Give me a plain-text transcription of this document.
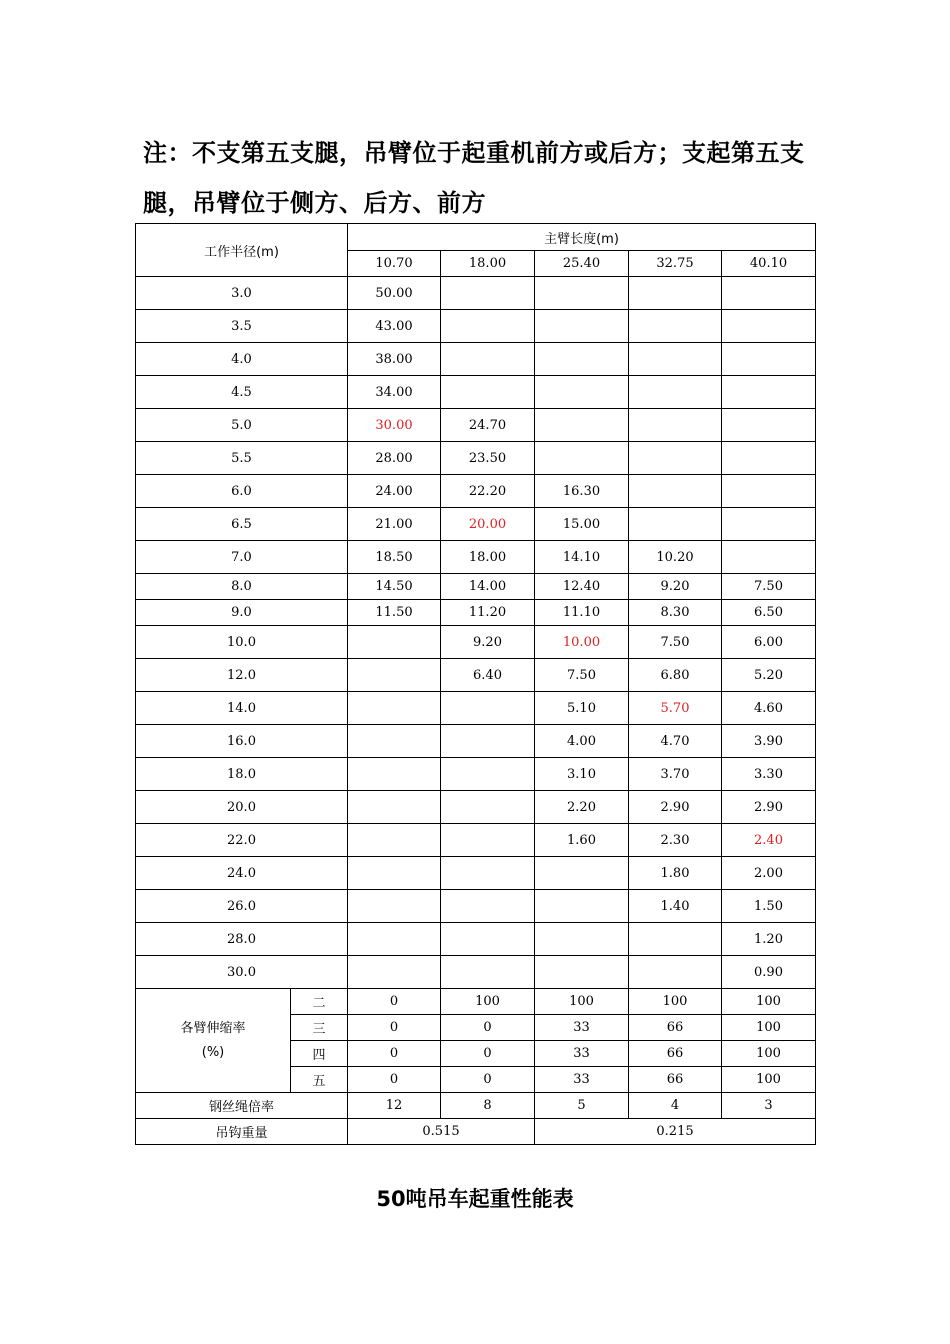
注：不支第五支腿，吊臂位于起重机前方或后方；支起第五支腿，吊臂位于侧方、后方、前方
工作半径(m)		主臂长度(m)				
		10.70	18.00	25.40	32.75	40.10
3.0		50.00				
3.5		43.00				
4.0		38.00				
4.5		34.00				
5.0		30.00	24.70			
5.5		28.00	23.50			
6.0		24.00	22.20	16.30		
6.5		21.00	20.00	15.00		
7.0		18.50	18.00	14.10	10.20	
8.0		14.50	14.00	12.40	9.20	7.50
9.0		11.50	11.20	11.10	8.30	6.50
10.0			9.20	10.00	7.50	6.00
12.0			6.40	7.50	6.80	5.20
14.0				5.10	5.70	4.60
16.0				4.00	4.70	3.90
18.0				3.10	3.70	3.30
20.0				2.20	2.90	2.90
22.0				1.60	2.30	2.40
24.0					1.80	2.00
26.0					1.40	1.50
28.0						1.20
30.0						0.90

各臂伸缩率
(%)	二	0	100	100	100	100
	三	0	0	33	66	100
	四	0	0	33	66	100
	五	0	0	33	66	100
钢丝绳倍率		12	8	5	4	3
吊钩重量		0.515		0.215		
50吨吊车起重性能表
